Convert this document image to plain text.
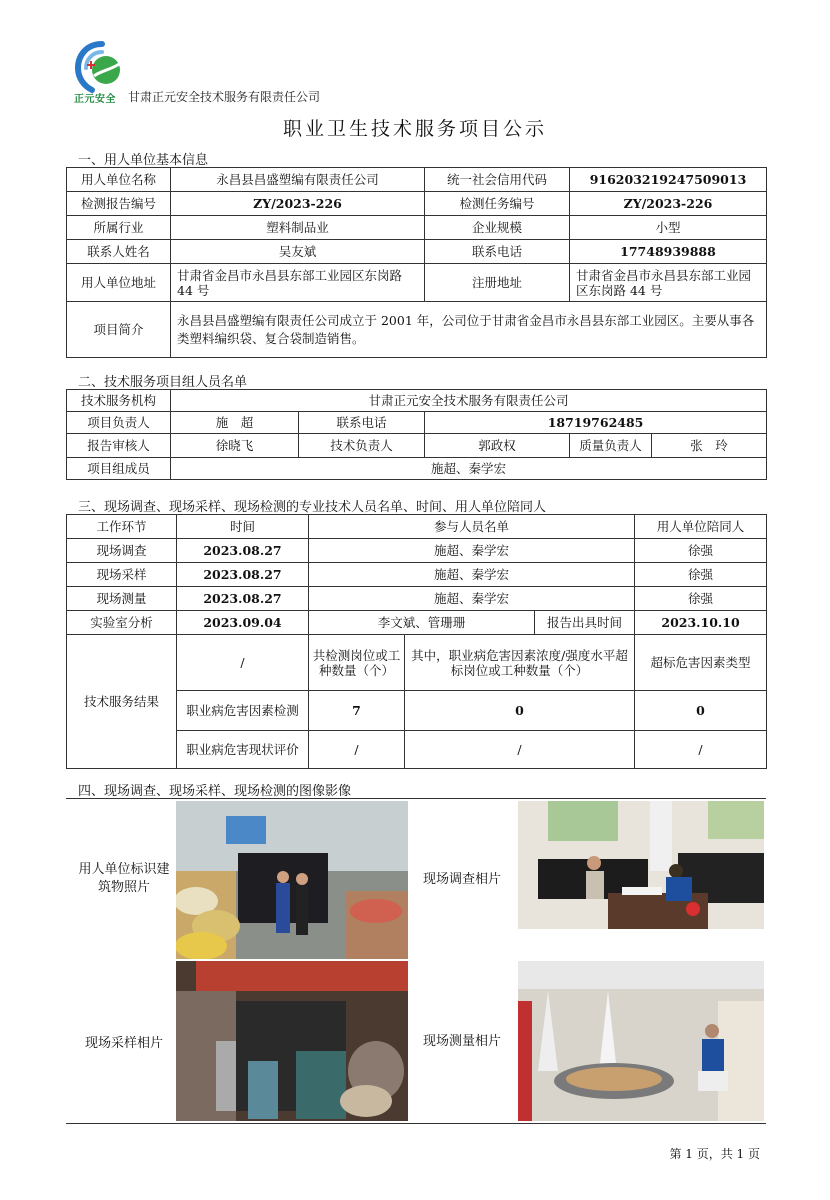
正元安全 甘肃正元安全技术服务有限责任公司
职业卫生技术服务项目公示
一、用人单位基本信息
用人单位名称	永昌县昌盛塑编有限责任公司	统一社会信用代码	916203219247509013
检测报告编号	ZY/2023-226	检测任务编号	ZY/2023-226
所属行业	塑料制品业	企业规模	小型
联系人姓名	吴友斌	联系电话	17748939888
用人单位地址	甘肃省金昌市永昌县东部工业园区东岗路 44 号	注册地址	甘肃省金昌市永昌县东部工业园区东岗路 44 号
项目简介	永昌县昌盛塑编有限责任公司成立于 2001 年，公司位于甘肃省金昌市永昌县东部工业园区。主要从事各类塑料编织袋、复合袋制造销售。		
二、技术服务项目组人员名单
技术服务机构	甘肃正元安全技术服务有限责任公司				
项目负责人	施　超	联系电话	18719762485		
报告审核人	徐晓飞	技术负责人	郭政权	质量负责人	张　玲
项目组成员	施超、秦学宏				
三、现场调查、现场采样、现场检测的专业技术人员名单、时间、用人单位陪同人
工作环节	时间	参与人员名单			用人单位陪同人
现场调查	2023.08.27	施超、秦学宏			徐强
现场采样	2023.08.27	施超、秦学宏			徐强
现场测量	2023.08.27	施超、秦学宏			徐强
实验室分析	2023.09.04	李文斌、管珊珊		报告出具时间	2023.10.10
技术服务结果	/	共检测岗位或工种数量（个）	其中，职业病危害因素浓度/强度水平超标岗位或工种数量（个）		超标危害因素类型
	职业病危害因素检测	7	0		0
	职业病危害现状评价	/	/		/
四、现场调查、现场采样、现场检测的图像影像
用人单位标识建筑物照片
现场调查相片
现场采样相片	现场测量相片
第 1 页，共 1 页
